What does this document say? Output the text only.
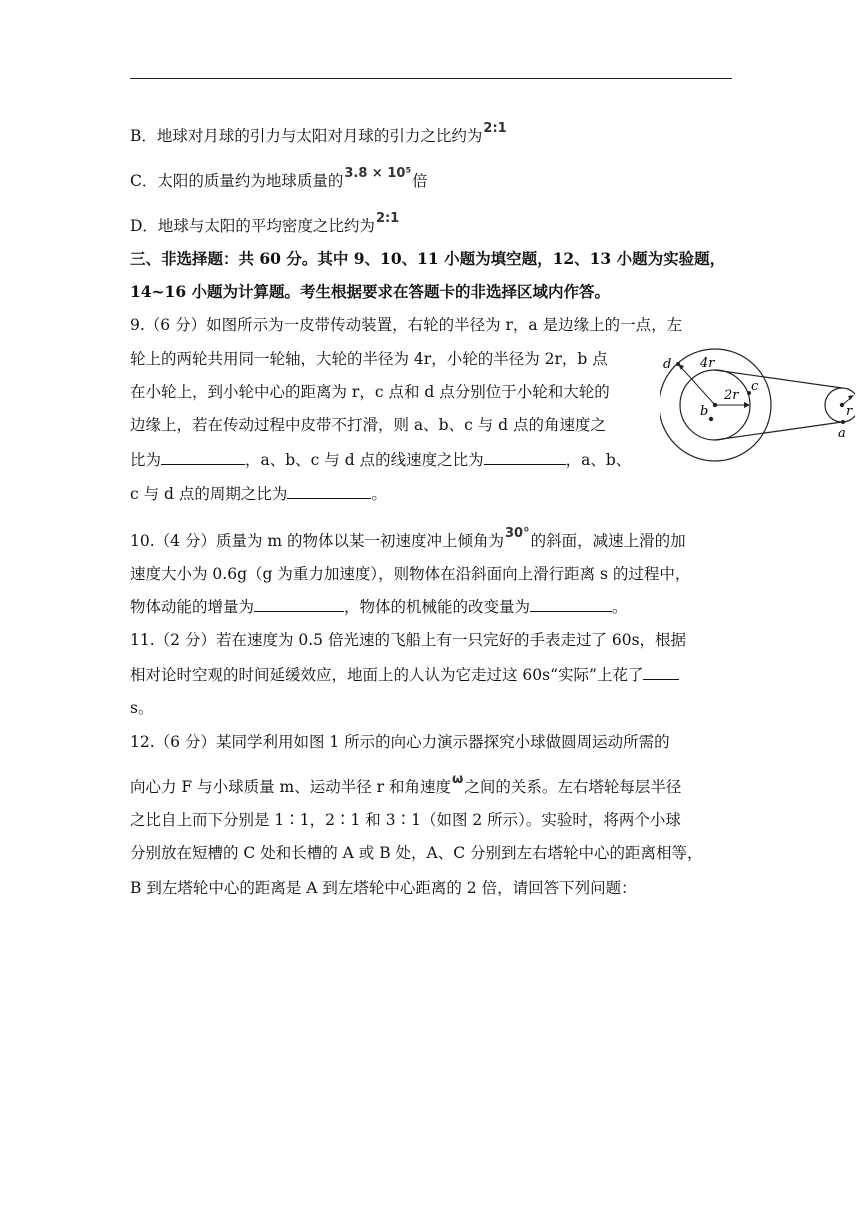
B．地球对月球的引力与太阳对月球的引力之比约为$^{2:1}$
C．太阳的质量约为地球质量的$^{3.8 \times 10^5}$倍
D．地球与太阳的平均密度之比约为$^{2:1}$
三、非选择题：共 60 分。其中 9、10、11 小题为填空题，12、13 小题为实验题，
14~16 小题为计算题。考生根据要求在答题卡的非选择区域内作答。
9.（6 分）如图所示为一皮带传动装置，右轮的半径为 r，a 是边缘上的一点，左
轮上的两轮共用同一轮轴，大轮的半径为 4r，小轮的半径为 2r，b 点
在小轮上，到小轮中心的距离为 r，c 点和 d 点分别位于小轮和大轮的
边缘上，若在传动过程中皮带不打滑，则 a、b、c 与 d 点的角速度之
比为	，a、b、c 与 d 点的线速度之比为	，a、b、
c 与 d 点的周期之比为	。
d 4r
2r
c
b	r
a
10.（4 分）质量为 m 的物体以某一初速度冲上倾角为$^{30^\circ}$的斜面，减速上滑的加
速度大小为 0.6g（g 为重力加速度），则物体在沿斜面向上滑行距离 s 的过程中，
物体动能的增量为	，物体的机械能的改变量为	。
11.（2 分）若在速度为 0.5 倍光速的飞船上有一只完好的手表走过了 60s，根据
相对论时空观的时间延缓效应，地面上的人认为它走过这 60s“实际”上花了
s。
12.（6 分）某同学利用如图 1 所示的向心力演示器探究小球做圆周运动所需的
向心力 F 与小球质量 m、运动半径 r 和角速度$^\omega$之间的关系。左右塔轮每层半径
之比自上而下分别是 1∶1，2∶1 和 3∶1（如图 2 所示）。实验时，将两个小球
分别放在短槽的 C 处和长槽的 A 或 B 处，A、C 分别到左右塔轮中心的距离相等，
B 到左塔轮中心的距离是 A 到左塔轮中心距离的 2 倍，请回答下列问题：
